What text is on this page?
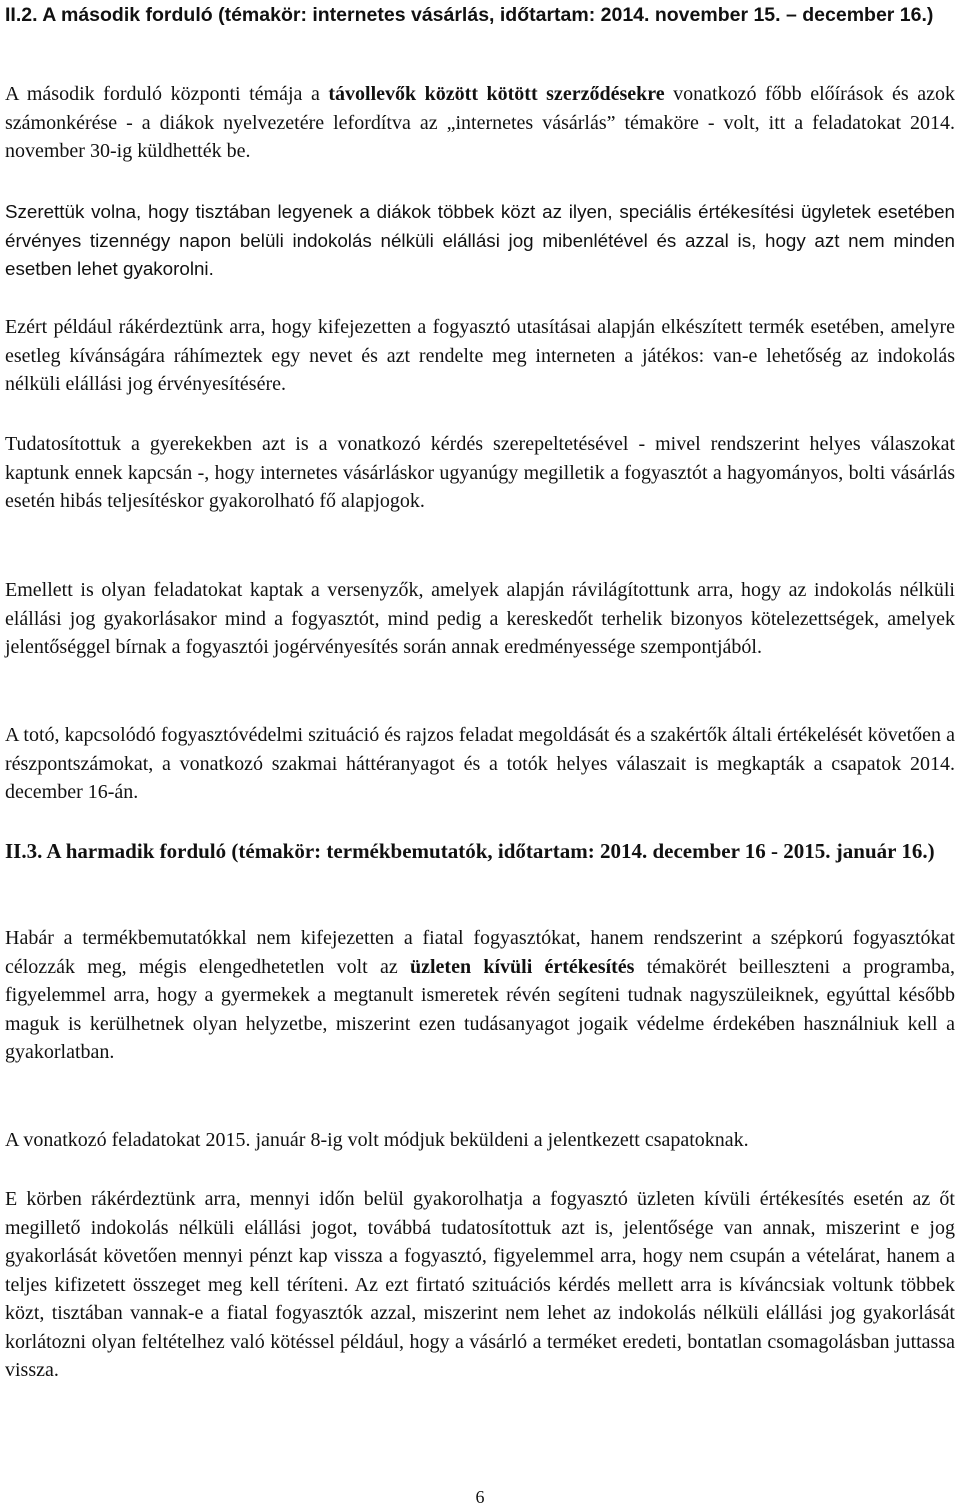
II.2. A második forduló (témakör: internetes vásárlás, időtartam: 2014. november 15. – december 16.)

A második forduló központi témája a távollevők között kötött szerződésekre vonatkozó főbb előírások és azok számonkérése - a diákok nyelvezetére lefordítva az „internetes vásárlás” témaköre - volt, itt a feladatokat 2014. november 30-ig küldhették be.

Szerettük volna, hogy tisztában legyenek a diákok többek közt az ilyen, speciális értékesítési ügyletek esetében érvényes tizennégy napon belüli indokolás nélküli elállási jog mibenlétével és azzal is, hogy azt nem minden esetben lehet gyakorolni.

Ezért például rákérdeztünk arra, hogy kifejezetten a fogyasztó utasításai alapján elkészített termék esetében, amelyre esetleg kívánságára ráhímeztek egy nevet és azt rendelte meg interneten a játékos: van-e lehetőség az indokolás nélküli elállási jog érvényesítésére.

Tudatosítottuk a gyerekekben azt is a vonatkozó kérdés szerepeltetésével - mivel rendszerint helyes válaszokat kaptunk ennek kapcsán -, hogy internetes vásárláskor ugyanúgy megilletik a fogyasztót a hagyományos, bolti vásárlás esetén hibás teljesítéskor gyakorolható fő alapjogok.

Emellett is olyan feladatokat kaptak a versenyzők, amelyek alapján rávilágítottunk arra, hogy az indokolás nélküli elállási jog gyakorlásakor mind a fogyasztót, mind pedig a kereskedőt terhelik bizonyos kötelezettségek, amelyek jelentőséggel bírnak a fogyasztói jogérvényesítés során annak eredményessége szempontjából.

A totó, kapcsolódó fogyasztóvédelmi szituáció és rajzos feladat megoldását és a szakértők általi értékelését követően a részpontszámokat, a vonatkozó szakmai háttéranyagot és a totók helyes válaszait is megkapták a csapatok 2014. december 16-án.

II.3. A harmadik forduló (témakör: termékbemutatók, időtartam: 2014. december 16 - 2015. január 16.)

Habár a termékbemutatókkal nem kifejezetten a fiatal fogyasztókat, hanem rendszerint a szépkorú fogyasztókat célozzák meg, mégis elengedhetetlen volt az üzleten kívüli értékesítés témakörét beilleszteni a programba, figyelemmel arra, hogy a gyermekek a megtanult ismeretek révén segíteni tudnak nagyszüleiknek, egyúttal később maguk is kerülhetnek olyan helyzetbe, miszerint ezen tudásanyagot jogaik védelme érdekében használniuk kell a gyakorlatban.

A vonatkozó feladatokat 2015. január 8-ig volt módjuk beküldeni a jelentkezett csapatoknak.

E körben rákérdeztünk arra, mennyi időn belül gyakorolhatja a fogyasztó üzleten kívüli értékesítés esetén az őt megillető indokolás nélküli elállási jogot, továbbá tudatosítottuk azt is, jelentősége van annak, miszerint e jog gyakorlását követően mennyi pénzt kap vissza a fogyasztó, figyelemmel arra, hogy nem csupán a vételárat, hanem a teljes kifizetett összeget meg kell téríteni. Az ezt firtató szituációs kérdés mellett arra is kíváncsiak voltunk többek közt, tisztában vannak-e a fiatal fogyasztók azzal, miszerint nem lehet az indokolás nélküli elállási jog gyakorlását korlátozni olyan feltételhez való kötéssel például, hogy a vásárló a terméket eredeti, bontatlan csomagolásban juttassa vissza.

6
